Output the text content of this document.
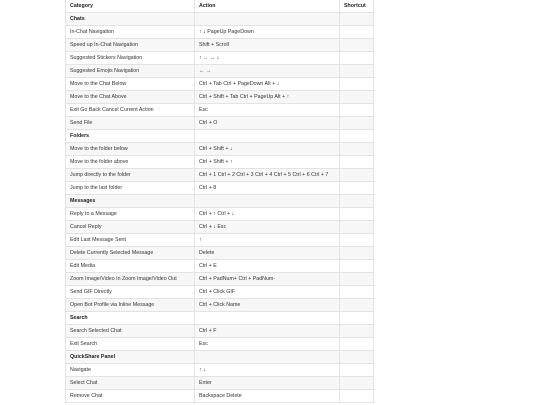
Category	Action	Shortcut
Chats		
In-Chat Navigation	↑ ↓ PageUp PageDown	
Speed up In-Chat Navigation	Shift + Scroll	
Suggested Stickers Navigation	↑ ← → ↓	
Suggested Emojis Navigation	← →	
Move to the Chat Below	Ctrl + Tab Ctrl + PageDown Alt + ↓	
Move to the Chat Above	Ctrl + Shift + Tab Ctrl + PageUp Alt + ↑	
Exit Go Back Cancel Current Action	Esc	
Send File	Ctrl + O	
Folders		
Move to the folder below	Ctrl + Shift + ↓	
Move to the folder above	Ctrl + Shift + ↑	
Jump directly to the folder	Ctrl + 1 Ctrl + 2 Ctrl + 3 Ctrl + 4 Ctrl + 5 Ctrl + 6 Ctrl + 7	
Jump to the last folder	Ctrl + 8	
Messages		
Reply to a Message	Ctrl + ↑ Ctrl + ↓	
Cancel Reply	Ctrl + ↓ Esc	
Edit Last Message Sent	↑	
Delete Currently Selected Message	Delete	
Edit Media	Ctrl + E	
Zoom Image/Video In Zoom Image/Video Out	Ctrl + PadNum+ Ctrl + PadNum-	
Send GIF Directly	Ctrl + Click GIF	
Open Bot Profile via Inline Message	Ctrl + Click Name	
Search		
Search Selected Chat	Ctrl + F	
Exit Search	Esc	
QuickShare Panel		
Navigate	↑ ↓	
Select Chat	Enter	
Remove Chat	Backspace Delete	
